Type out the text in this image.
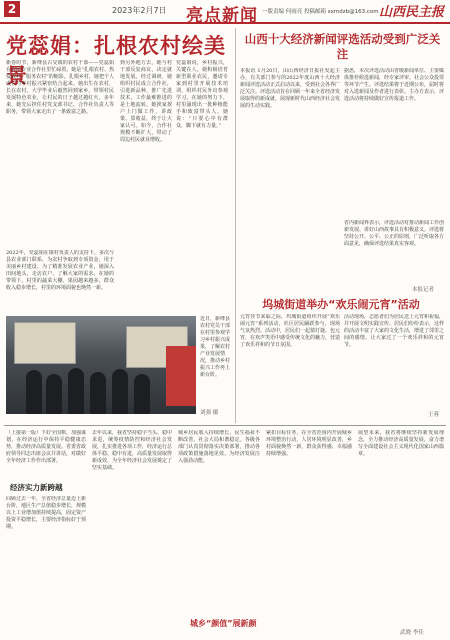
2	2023年2月7日 亮点新闻 一版责编 何雨亮 投稿邮箱 sxmdzb@163.com 山西民主报
党蕊娟：扎根农村绘美景
新春时节，新绛县古交镇的农村干部——党蕊娟在农民专业合作社里忙碌着。她是“扎根农村、热爱农村、服务农村”的缩影。扎根乡村，她把个人成长与乡村振兴紧密结合起来。她出生在农村，长在农村，大学毕业后毅然回到家乡，带领村民发展特色农业，让村民的日子越过越红火。多年来，她先后担任村党支部书记、合作社负责人等职务，带领大家走出了一条致富之路。
2022年，党蕊娟在镇村负责人的支持下，多次与县农业部门联系，为农村争取到专项资金，用于美丽乡村建设。为了精准发展农业产业，她深入田间地头，走访农户，了解大家的需求。在她的带领下，村里的蔬菜大棚、果园越来越多，群众收入稳步增长，村里的环境面貌也焕然一新。
到另外地方去，她与村干部反复商议，决定就地发展。经过调研，她组织村民成立合作社，引进新品种，推广先进技术。工作最难推进的是土地流转。她挨家挨户上门做工作，讲政策、算收益，终于让大家认可。如今，合作社规模不断扩大，带动了周边村民就业增收。
党蕊娟说，乡村振兴，关键在人。她积极培育新型职业农民，邀请专家到村里开展技术培训，组织村民外出参观学习。在她的努力下，村里涌现出一批种植能手和致富带头人。她说：“只要心中有群众，脚下就有力量。”
近日，新绛县农村党员干部在村里参观学习乡村振兴成果，了解农村产业发展情况，推动乡村振兴工作再上新台阶。
刘强 摄
山西十大经济新闻评选活动受到广泛关注
本报讯 1月20日，由山西经济日报社发起主办，有关部门参与的2022年度山西十大经济新闻评选活动正式启动以来，受到社会各界广泛关注。评选活动旨在回顾一年来全省经济发展取得的新成就，展现新时代山西经济社会发展的生动实践。
据悉，本次评选活动由省级新闻单位、主要媒体推荐候选新闻，经专家评审、社会公众投票等环节产生。评选结果将于近期公布，届时将对入选新闻及作者进行表彰。主办方表示，评选活动将持续做好宣传报道工作。
省内新闻界表示，评选活动对推动新闻工作创新发展、讲好山西故事具有积极意义。评选将坚持公开、公平、公正的原则，广泛听取各方面意见，确保评选结果真实客观。
本报记者
坞城街道举办“欢乐闹元宵”活动
元宵佳节来临之际，坞城街道组织开展“欢乐闹元宵”系列活动，社区居民踊跃参与，现场气氛热烈。活动中，居民们一起猜灯谜、包元宵，在欢声笑语中感受传统文化的魅力，营造了欢乐祥和的节日氛围。
活动现场，志愿者们为居民送上元宵和祝福，并开展文明实践宣传。居民们纷纷表示，这样的活动丰富了大家的文化生活，增进了邻里之间的感情，让大家过了一个欢乐祥和的元宵节。
王蓉
（上接第一版）下好全国棋、加强谋划，在经济运行中保持平稳健康态势，推动经济高质量发展。省委省政府领导同志出席会议并讲话，对做好全年经济工作作出部署。
经济实力新跨越
回顾过去一年，全省经济总量迈上新台阶，地区生产总值稳步增长，规模以上工业增加值持续提高，固定资产投资平稳增长，主要经济指标好于预期。
去年以来，我省坚持稳字当头、稳中求进，统筹疫情防控和经济社会发展，扎实推进各项工作，经济运行总体平稳、稳中有进，高质量发展取得新成效，为全年经济社会发展奠定了坚实基础。
城乡居民收入持续增长，民生福祉不断改善，社会大局和谐稳定。各级各部门认真贯彻落实决策部署，推动各项政策措施落地见效，为经济发展注入强劲动能。
城乡“颜值”展新颜
紧扣目标任务，在全省范围内开展城乡环境整治行动，人居环境明显改善，乡村面貌焕然一新，群众获得感、幸福感持续增强。
展望未来，我省将继续坚持新发展理念，全力推动经济高质量发展，奋力谱写全面建设社会主义现代化国家山西篇章。
武晓 李佳
